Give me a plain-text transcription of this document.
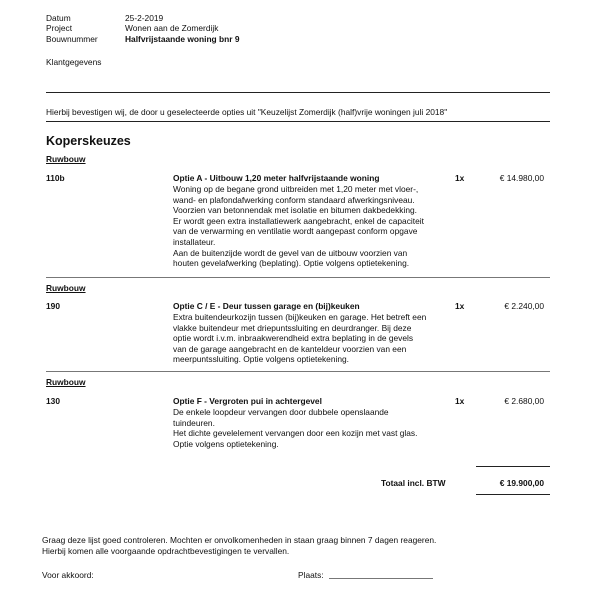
Datum	25-2-2019
Project	Wonen aan de Zomerdijk
Bouwnummer	Halfvrijstaande woning bnr 9
Klantgegevens
Hierbij bevestigen wij, de door u geselecteerde opties uit "Keuzelijst Zomerdijk (half)vrije woningen juli 2018"
Koperskeuzes
Ruwbouw
110b	Optie A - Uitbouw 1,20 meter halfvrijstaande woning	1x	€ 14.980,00
Woning op de begane grond uitbreiden met 1,20 meter met vloer-,
wand- en plafondafwerking conform standaard afwerkingsniveau.
Voorzien van betonnendak met isolatie en bitumen dakbedekking.
Er wordt geen extra installatiewerk aangebracht, enkel de capaciteit
van de verwarming en ventilatie wordt aangepast conform opgave
installateur.
Aan de buitenzijde wordt de gevel van de uitbouw voorzien van
houten gevelafwerking (beplating). Optie volgens optietekening.
Ruwbouw
190	Optie C / E - Deur tussen garage en (bij)keuken	1x	€ 2.240,00
Extra buitendeurkozijn tussen (bij)keuken en garage. Het betreft een
vlakke buitendeur met driepuntssluiting en deurdranger. Bij deze
optie wordt i.v.m. inbraakwerendheid extra beplating in de gevels
van de garage aangebracht en de kanteldeur voorzien van een
meerpuntssluiting. Optie volgens optietekening.
Ruwbouw
130	Optie F - Vergroten pui in achtergevel	1x	€ 2.680,00
De enkele loopdeur vervangen door dubbele openslaande
tuindeuren.
Het dichte gevelelement vervangen door een kozijn met vast glas.
Optie volgens optietekening.
Totaal incl. BTW	€ 19.900,00
Graag deze lijst goed controleren. Mochten er onvolkomenheden in staan graag binnen 7 dagen reageren.
Hierbij komen alle voorgaande opdrachtbevestigingen te vervallen.
Voor akkoord:	Plaats:
